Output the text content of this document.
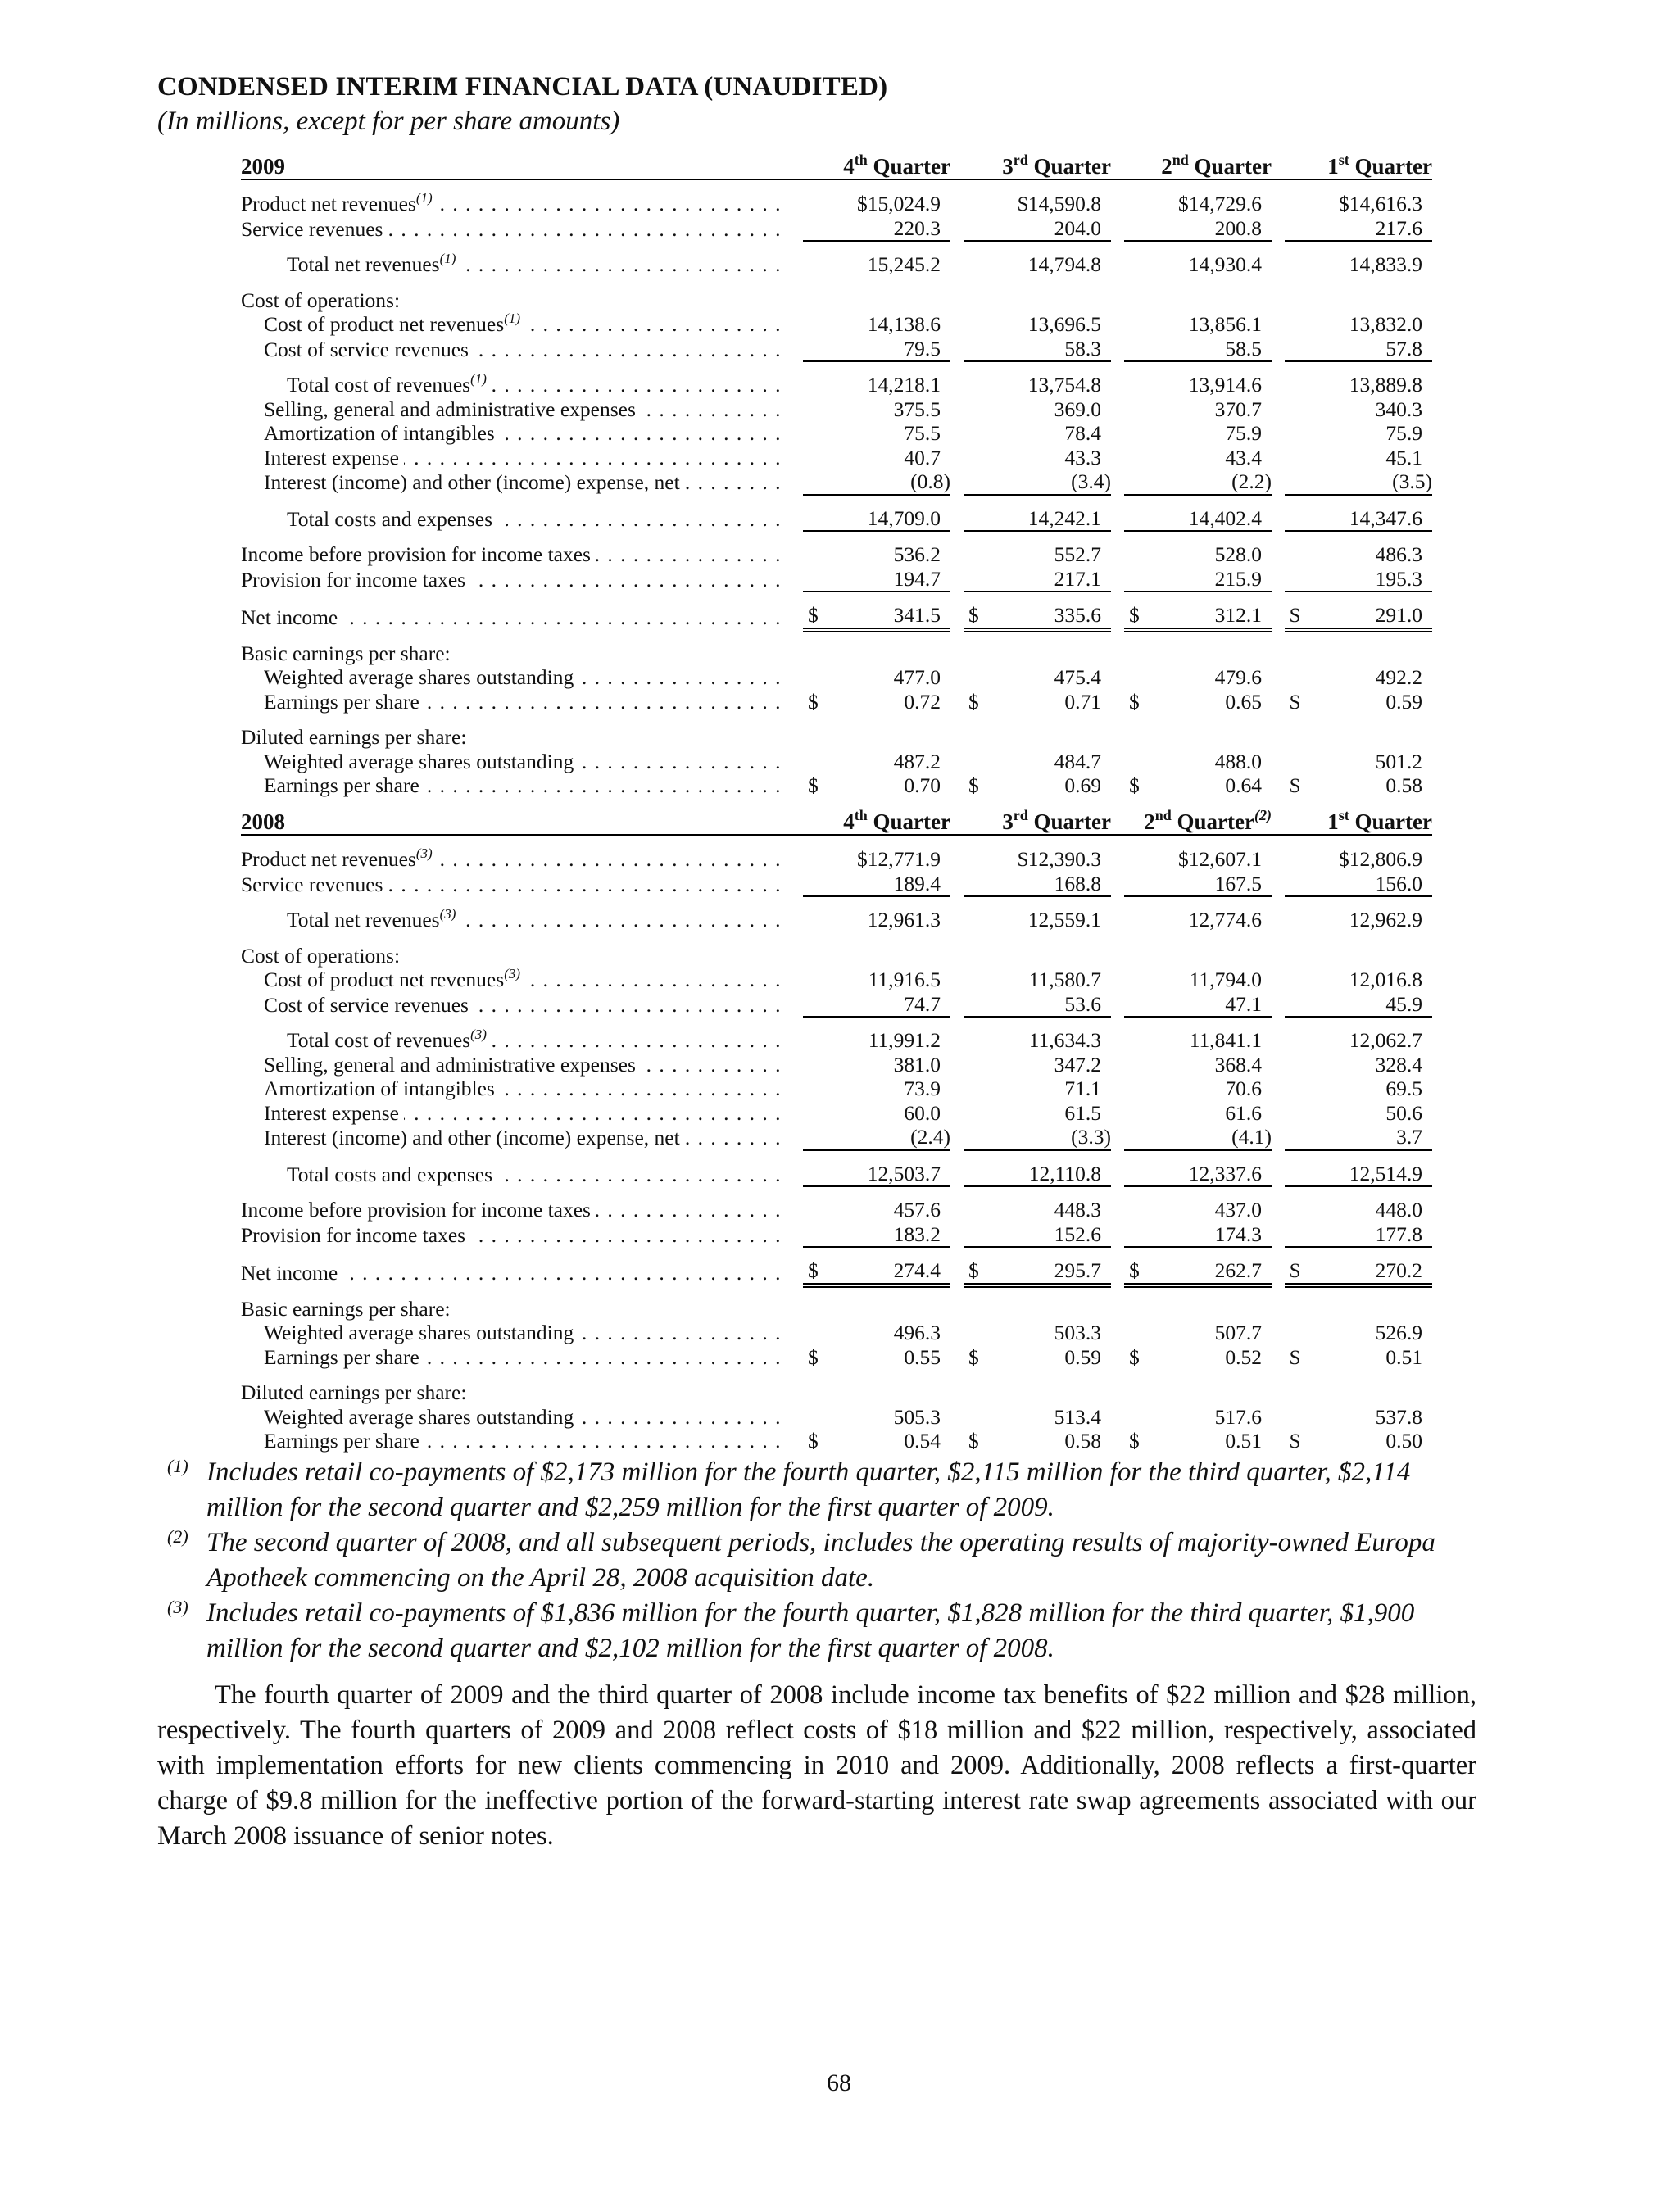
CONDENSED INTERIM FINANCIAL DATA (UNAUDITED)
(In millions, except for per share amounts)
2009		4th Quarter		3rd Quarter		2nd Quarter		1st Quarter

Product net revenues$^{(1)}$ . . .		$15,024.9		$14,590.8		$14,729.6		$14,616.3

Service revenues . . .		220.3		204.0		200.8		217.6

Total net revenues$^{(1)}$ . . .		15,245.2		14,794.8		14,930.4		14,833.9

Cost of operations:								
Cost of product net revenues$^{(1)}$ . . .		14,138.6		13,696.5		13,856.1		13,832.0

Cost of service revenues . . .		79.5		58.3		58.5		57.8

Total cost of revenues$^{(1)}$ . . .		14,218.1		13,754.8		13,914.6		13,889.8

Selling, general and administrative expenses . . .		375.5		369.0		370.7		340.3

Amortization of intangibles . . .		75.5		78.4		75.9		75.9

Interest expense . . .		40.7		43.3		43.4		45.1

Interest (income) and other (income) expense, net . . .		(0.8)		(3.4)		(2.2)		(3.5)

Total costs and expenses . . .		14,709.0		14,242.1		14,402.4		14,347.6

Income before provision for income taxes . . .		536.2		552.7		528.0		486.3

Provision for income taxes . . .		194.7		217.1		215.9		195.3

Net income . . .		$ 341.5		$ 335.6		$ 312.1		$ 291.0

Basic earnings per share:								
Weighted average shares outstanding . . .		477.0		475.4		479.6		492.2

Earnings per share . . .		$ 0.72		$ 0.71		$ 0.65		$ 0.59

Diluted earnings per share:								
Weighted average shares outstanding . . .		487.2		484.7		488.0		501.2

Earnings per share . . .		$ 0.70		$ 0.69		$ 0.64		$ 0.58
2008		4th Quarter		3rd Quarter		2nd Quarter$^{(2)}$		1st Quarter

Product net revenues$^{(3)}$ . . .		$12,771.9		$12,390.3		$12,607.1		$12,806.9

Service revenues . . .		189.4		168.8		167.5		156.0

Total net revenues$^{(3)}$ . . .		12,961.3		12,559.1		12,774.6		12,962.9

Cost of operations:								
Cost of product net revenues$^{(3)}$ . . .		11,916.5		11,580.7		11,794.0		12,016.8

Cost of service revenues . . .		74.7		53.6		47.1		45.9

Total cost of revenues$^{(3)}$ . . .		11,991.2		11,634.3		11,841.1		12,062.7

Selling, general and administrative expenses . . .		381.0		347.2		368.4		328.4

Amortization of intangibles . . .		73.9		71.1		70.6		69.5

Interest expense . . .		60.0		61.5		61.6		50.6

Interest (income) and other (income) expense, net . . .		(2.4)		(3.3)		(4.1)		3.7

Total costs and expenses . . .		12,503.7		12,110.8		12,337.6		12,514.9

Income before provision for income taxes . . .		457.6		448.3		437.0		448.0

Provision for income taxes . . .		183.2		152.6		174.3		177.8

Net income . . .		$ 274.4		$ 295.7		$ 262.7		$ 270.2

Basic earnings per share:								
Weighted average shares outstanding . . .		496.3		503.3		507.7		526.9

Earnings per share . . .		$ 0.55		$ 0.59		$ 0.52		$ 0.51

Diluted earnings per share:								
Weighted average shares outstanding . . .		505.3		513.4		517.6		537.8

Earnings per share . . .		$ 0.54		$ 0.58		$ 0.51		$ 0.50
(1) Includes retail co-payments of $2,173 million for the fourth quarter, $2,115 million for the third quarter, $2,114 million for the second quarter and $2,259 million for the first quarter of 2009.
(2) The second quarter of 2008, and all subsequent periods, includes the operating results of majority-owned Europa Apotheek commencing on the April 28, 2008 acquisition date.
(3) Includes retail co-payments of $1,836 million for the fourth quarter, $1,828 million for the third quarter, $1,900 million for the second quarter and $2,102 million for the first quarter of 2008.
The fourth quarter of 2009 and the third quarter of 2008 include income tax benefits of $22 million and $28 million, respectively. The fourth quarters of 2009 and 2008 reflect costs of $18 million and $22 million, respectively, associated with implementation efforts for new clients commencing in 2010 and 2009. Additionally, 2008 reflects a first-quarter charge of $9.8 million for the ineffective portion of the forward-starting interest rate swap agreements associated with our March 2008 issuance of senior notes.
68
